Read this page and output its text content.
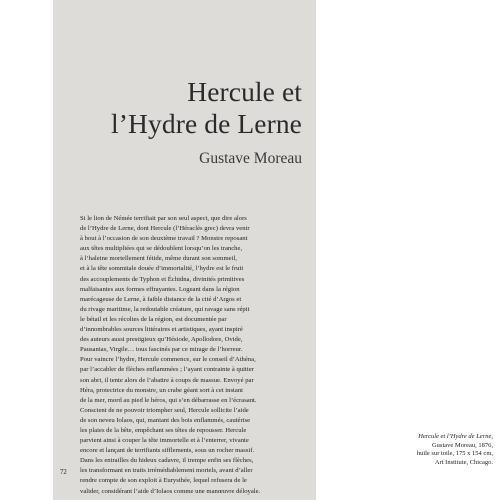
Hercule et
l’Hydre de Lerne
Gustave Moreau
Si le lion de Némée terrifiait par son seul aspect, que dire alors
de l’Hydre de Lerne, dont Hercule (l’Héraclès grec) devra venir
à bout à l’occasion de son deuxième travail ? Monstre reposant
aux têtes multipliées qui se dédoublent lorsqu’on les tranche,
à l’haleine mortellement fétide, même durant son sommeil,
et à la tête sommitale douée d’immortalité, l’hydre est le fruit
des accouplements de Typhon et Échidna, divinités primitives
malfaisantes aux formes effrayantes. Logeant dans la région
marécageuse de Lerne, à faible distance de la cité d’Argos et
du rivage maritime, la redoutable créature, qui ravage sans répit
le bétail et les récoltes de la région, est documentée par
d’innombrables sources littéraires et artistiques, ayant inspiré
des auteurs aussi prestigieux qu’Hésiode, Apollodore, Ovide,
Pausanias, Virgile… tous fascinés par ce mirage de l’horreur.
Pour vaincre l’hydre, Hercule commence, sur le conseil d’Athéna,
par l’accabler de flèches enflammées ; l’ayant contrainte à quitter
son abri, il tente alors de l’abattre à coups de massue. Envoyé par
Héra, protectrice du monstre, un crabe géant sort à cet instant
de la mer, mord au pied le héros, qui s’en débarrasse en l’écrasant.
Conscient de ne pouvoir triompher seul, Hercule sollicite l’aide
de son neveu Iolaos, qui, maniant des bois enflammés, cautérise
les plaies de la bête, empêchant ses têtes de repousser. Hercule
parvient ainsi à couper la tête immortelle et à l’enterrer, vivante
encore et lançant de terrifiants sifflements, sous un rocher massif.
Dans les entrailles du hideux cadavre, il trempe enfin ses flèches,
les transformant en traits irrémédiablement mortels, avant d’aller
rendre compte de son exploit à Eurysthée, lequel refusera de le
valider, considérant l’aide d’Iolaos comme une manœuvre déloyale.
72
Hercule et l’Hydre de Lerne,
Gustave Moreau, 1876,
huile sur toile, 175 x 154 cm,
Art Institute, Chicago.
